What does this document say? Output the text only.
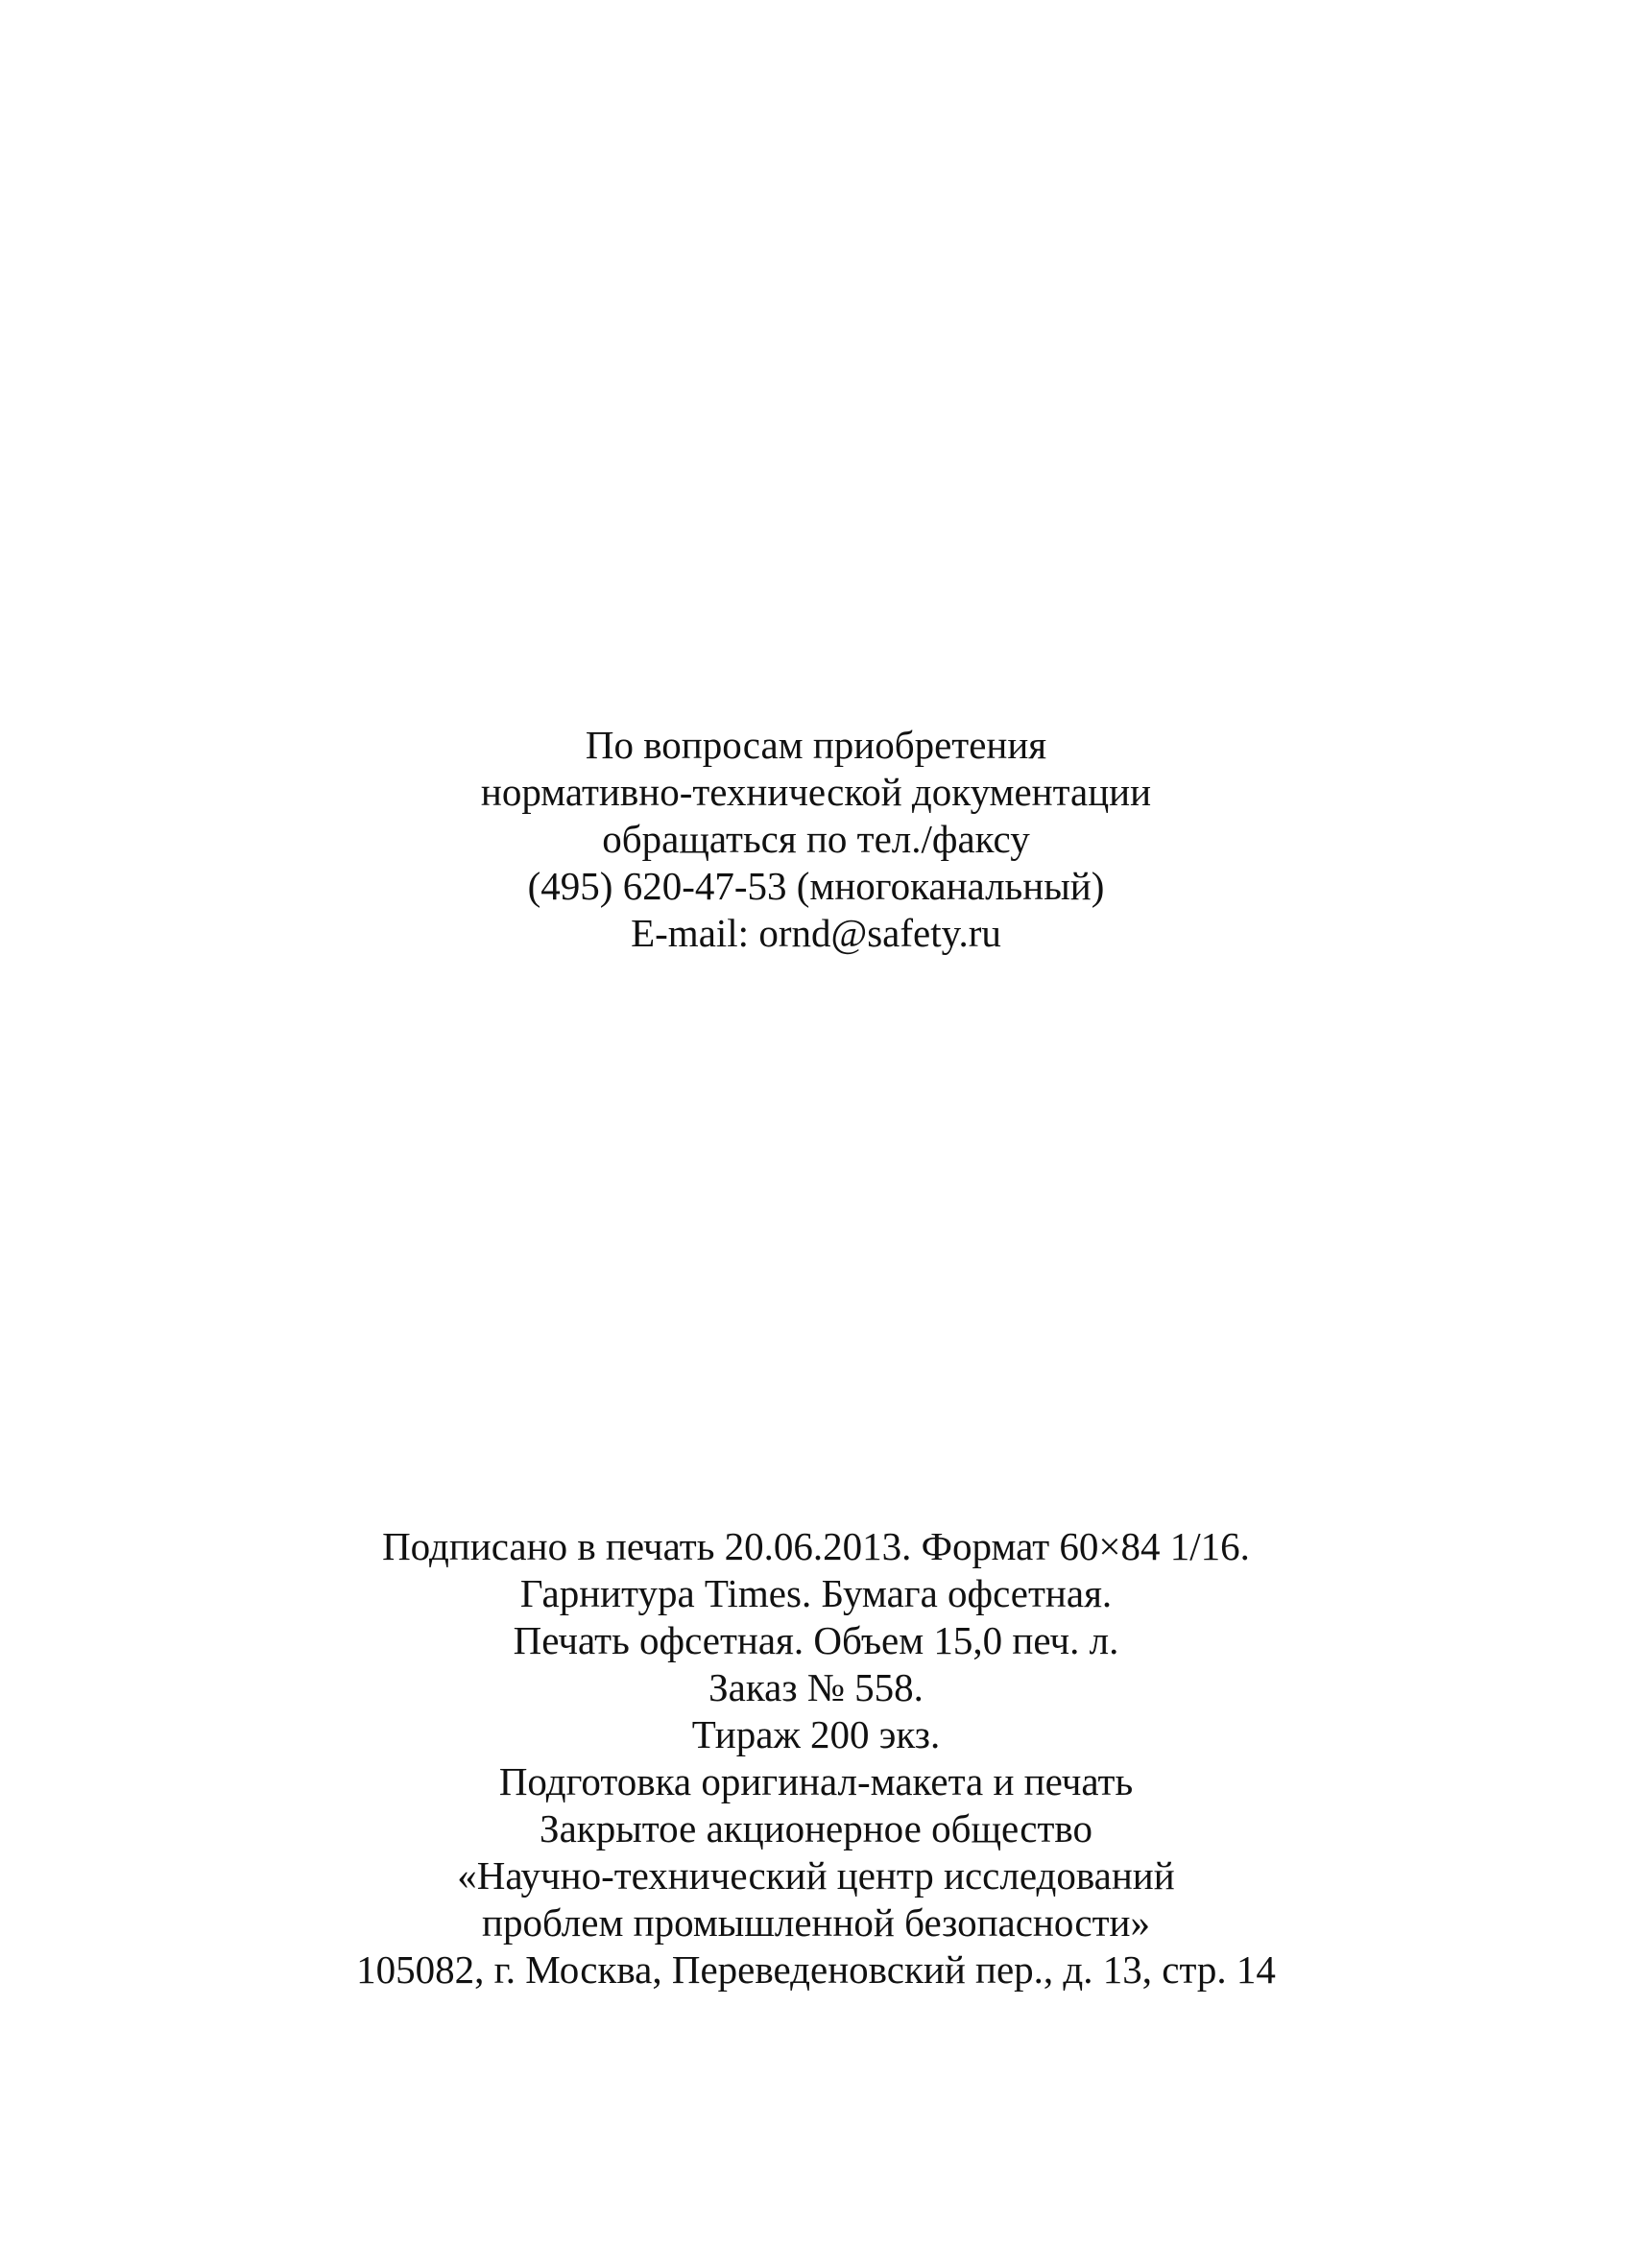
По вопросам приобретения
нормативно-технической документации
обращаться по тел./факсу
(495) 620-47-53 (многоканальный)
E-mail: ornd@safety.ru
Подписано в печать 20.06.2013. Формат 60×84 1/16.
Гарнитура Times. Бумага офсетная.
Печать офсетная. Объем 15,0 печ. л.
Заказ № 558.
Тираж 200 экз.
Подготовка оригинал-макета и печать
Закрытое акционерное общество
«Научно-технический центр исследований
проблем промышленной безопасности»
105082, г. Москва, Переведеновский пер., д. 13, стр. 14
